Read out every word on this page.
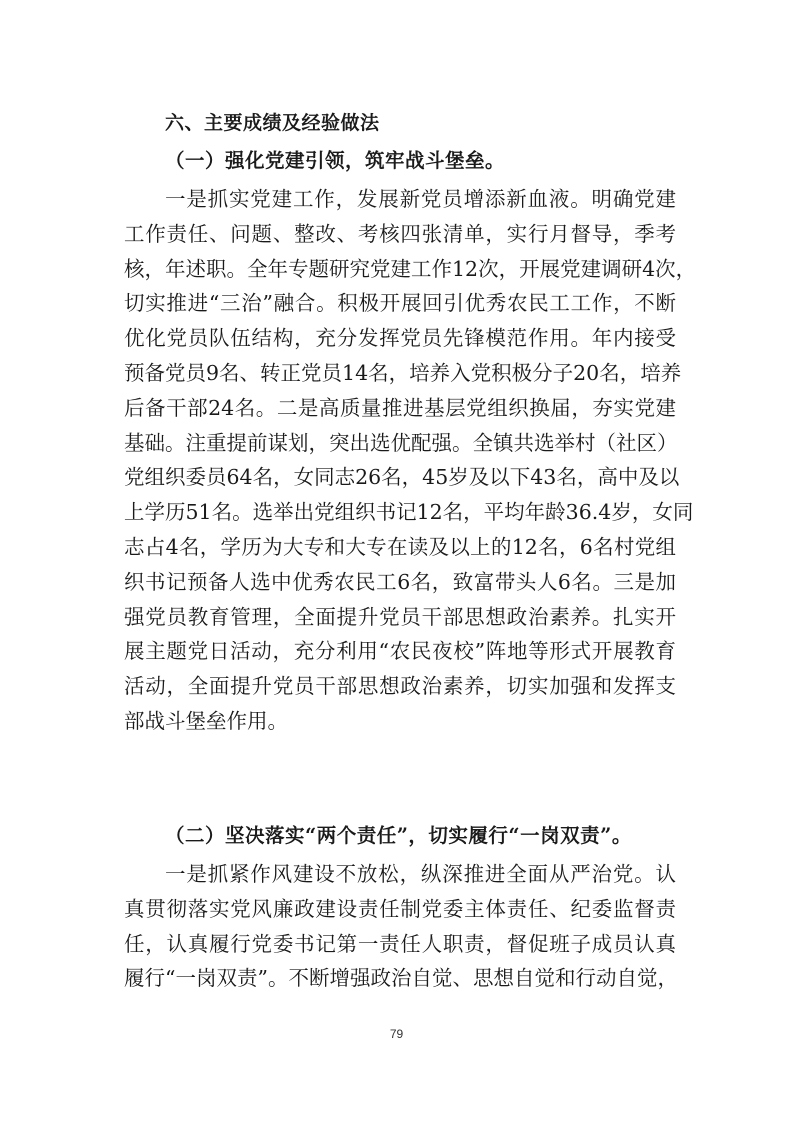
六、主要成绩及经验做法
（一）强化党建引领，筑牢战斗堡垒。
一是抓实党建工作，发展新党员增添新血液。明确党建
工作责任、问题、整改、考核四张清单，实行月督导，季考
核，年述职。全年专题研究党建工作12次，开展党建调研4次，
切实推进“三治”融合。积极开展回引优秀农民工工作，不断
优化党员队伍结构，充分发挥党员先锋模范作用。年内接受
预备党员9名、转正党员14名，培养入党积极分子20名，培养
后备干部24名。二是高质量推进基层党组织换届，夯实党建
基础。注重提前谋划，突出选优配强。全镇共选举村（社区）
党组织委员64名，女同志26名，45岁及以下43名，高中及以
上学历51名。选举出党组织书记12名，平均年龄36.4岁，女同
志占4名，学历为大专和大专在读及以上的12名，6名村党组
织书记预备人选中优秀农民工6名，致富带头人6名。三是加
强党员教育管理，全面提升党员干部思想政治素养。扎实开
展主题党日活动，充分利用“农民夜校”阵地等形式开展教育
活动，全面提升党员干部思想政治素养，切实加强和发挥支
部战斗堡垒作用。
（二）坚决落实“两个责任”，切实履行“一岗双责”。
一是抓紧作风建设不放松，纵深推进全面从严治党。认
真贯彻落实党风廉政建设责任制党委主体责任、纪委监督责
任，认真履行党委书记第一责任人职责，督促班子成员认真
履行“一岗双责”。不断增强政治自觉、思想自觉和行动自觉，
79
